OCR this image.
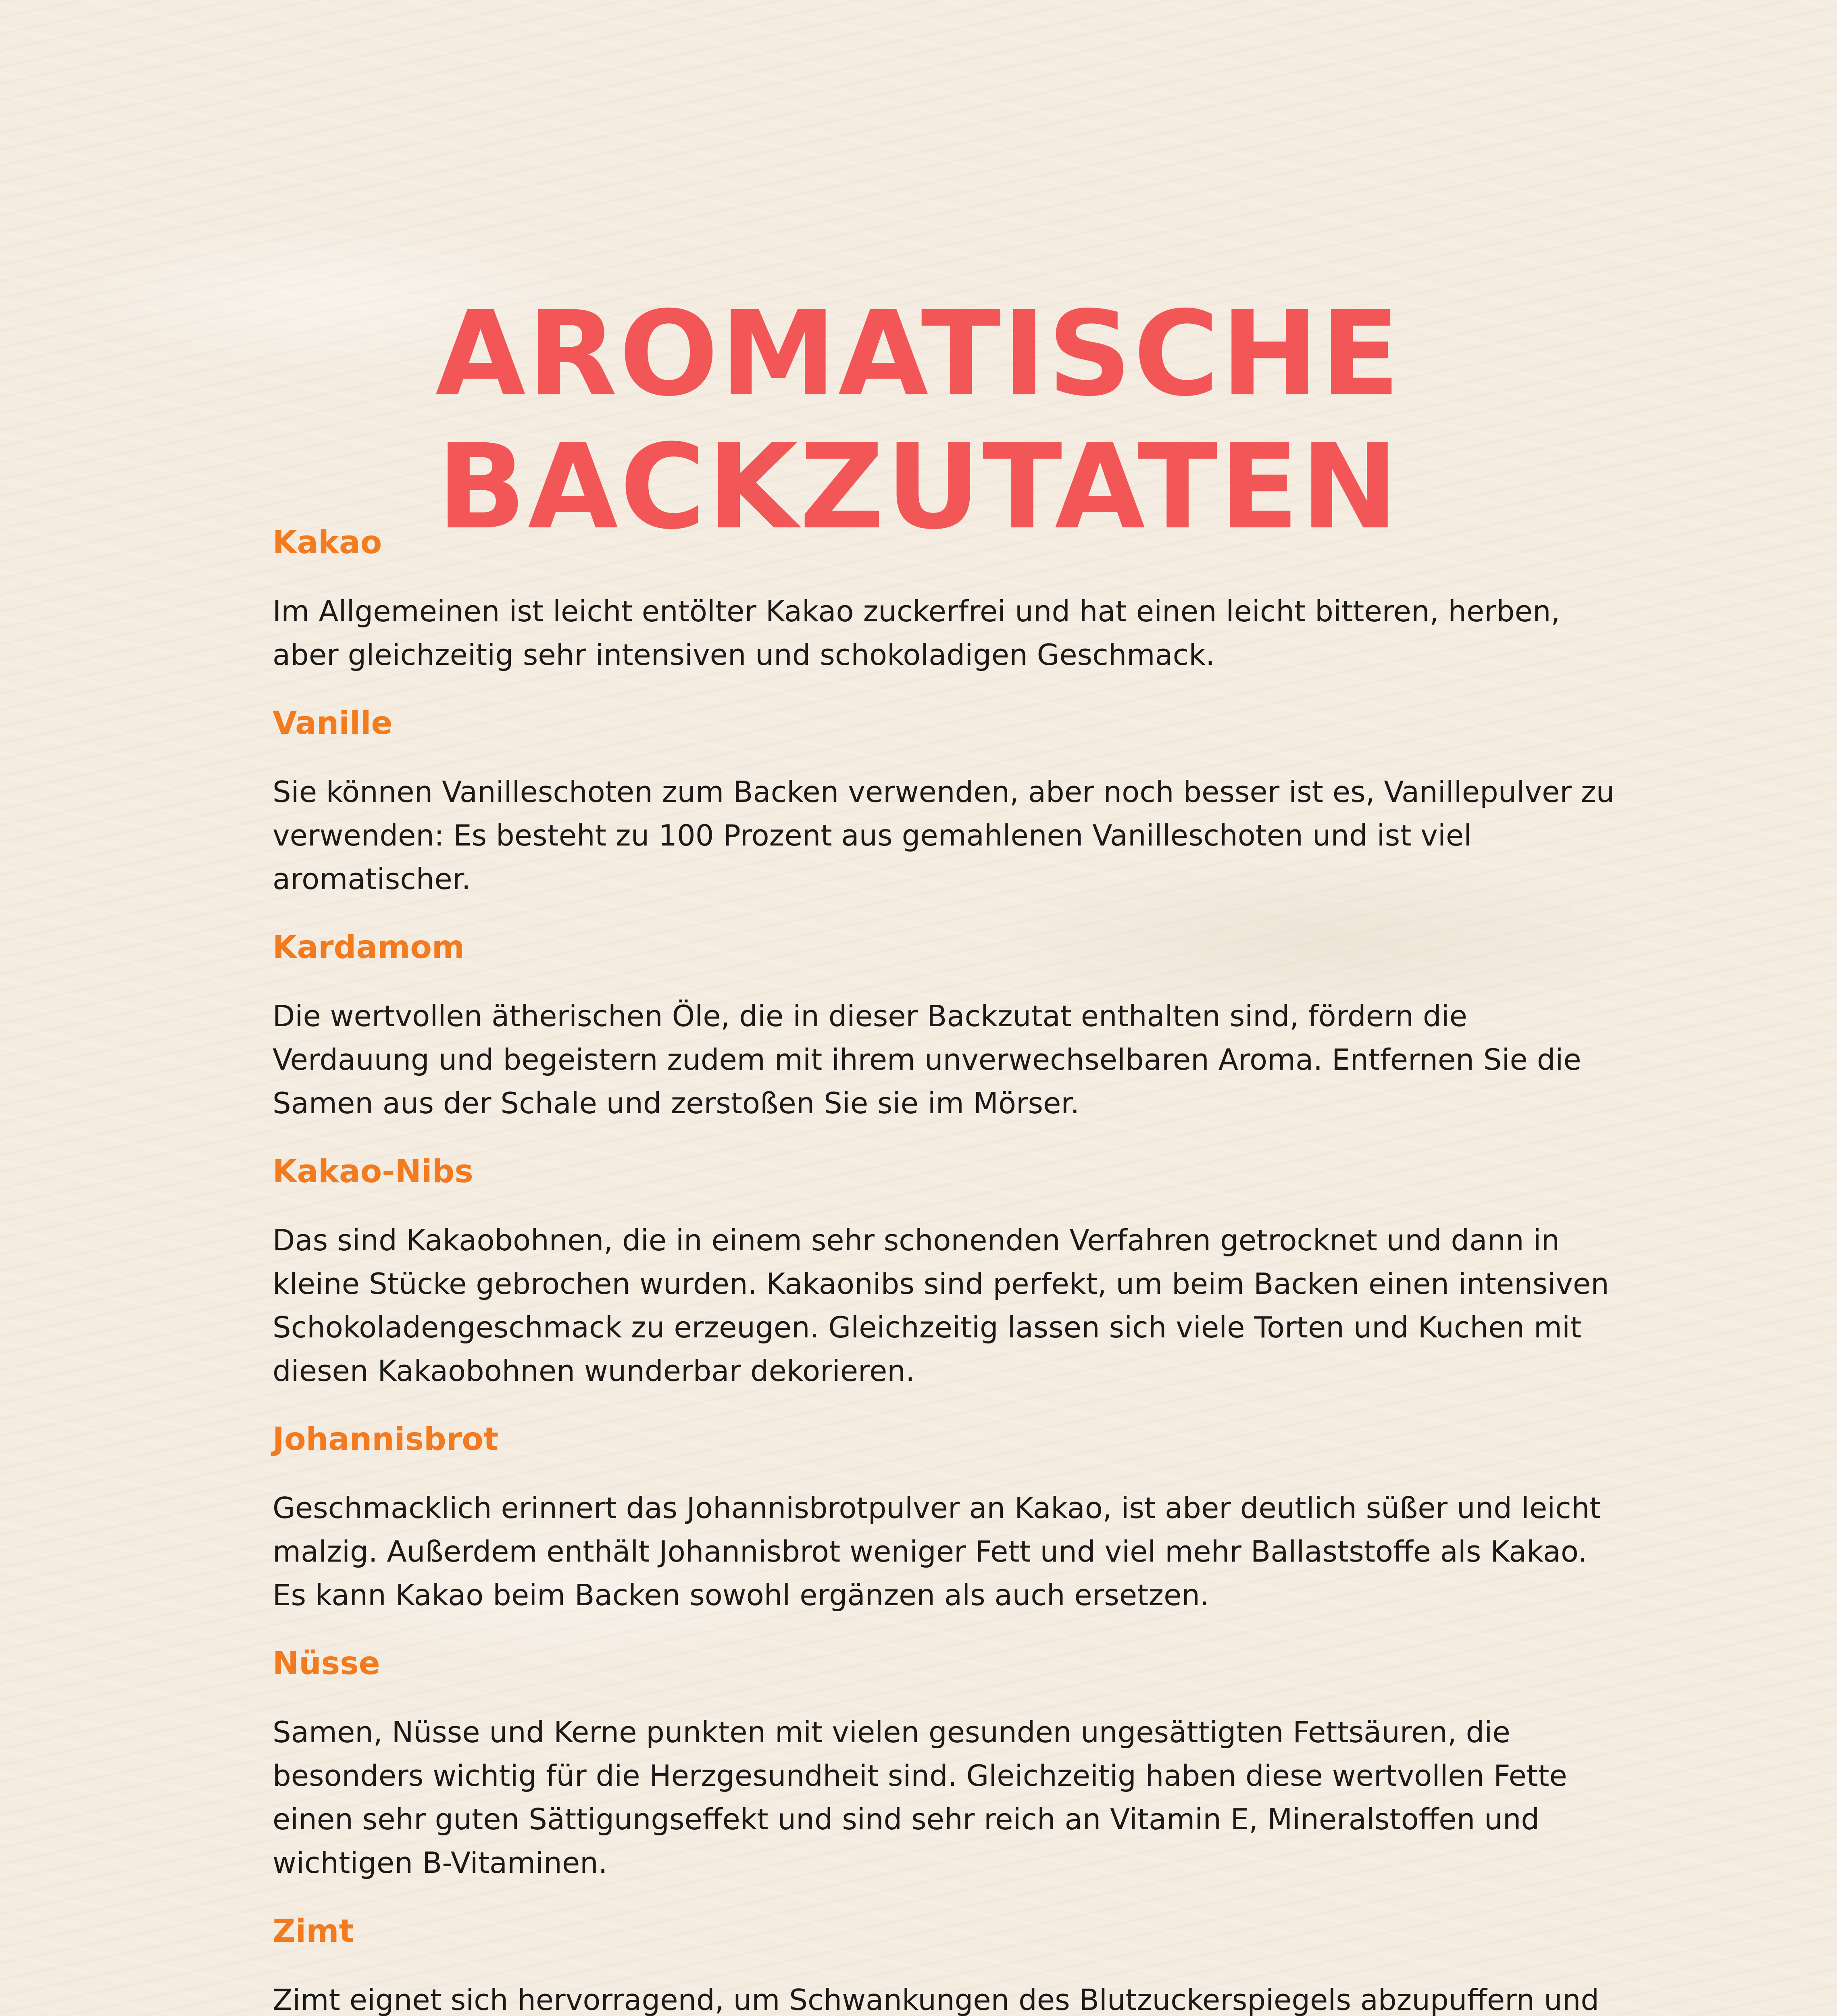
AROMATISCHE
BACKZUTATEN
Kakao

Im Allgemeinen ist leicht entölter Kakao zuckerfrei und hat einen leicht bitteren, herben, aber gleichzeitig sehr intensiven und schokoladigen Geschmack.

Vanille

Sie können Vanilleschoten zum Backen verwenden, aber noch besser ist es, Vanillepulver zu verwenden: Es besteht zu 100 Prozent aus gemahlenen Vanilleschoten und ist viel aromatischer.

Kardamom

Die wertvollen ätherischen Öle, die in dieser Backzutat enthalten sind, fördern die Verdauung und begeistern zudem mit ihrem unverwechselbaren Aroma. Entfernen Sie die Samen aus der Schale und zerstoßen Sie sie im Mörser.

Kakao-Nibs

Das sind Kakaobohnen, die in einem sehr schonenden Verfahren getrocknet und dann in kleine Stücke gebrochen wurden. Kakaonibs sind perfekt, um beim Backen einen intensiven Schokoladengeschmack zu erzeugen. Gleichzeitig lassen sich viele Torten und Kuchen mit diesen Kakaobohnen wunderbar dekorieren.

Johannisbrot

Geschmacklich erinnert das Johannisbrotpulver an Kakao, ist aber deutlich süßer und leicht malzig. Außerdem enthält Johannisbrot weniger Fett und viel mehr Ballaststoffe als Kakao. Es kann Kakao beim Backen sowohl ergänzen als auch ersetzen.

Nüsse

Samen, Nüsse und Kerne punkten mit vielen gesunden ungesättigten Fettsäuren, die besonders wichtig für die Herzgesundheit sind. Gleichzeitig haben diese wertvollen Fette einen sehr guten Sättigungseffekt und sind sehr reich an Vitamin E, Mineralstoffen und wichtigen B-Vitaminen.

Zimt

Zimt eignet sich hervorragend, um Schwankungen des Blutzuckerspiegels abzupuffern und
